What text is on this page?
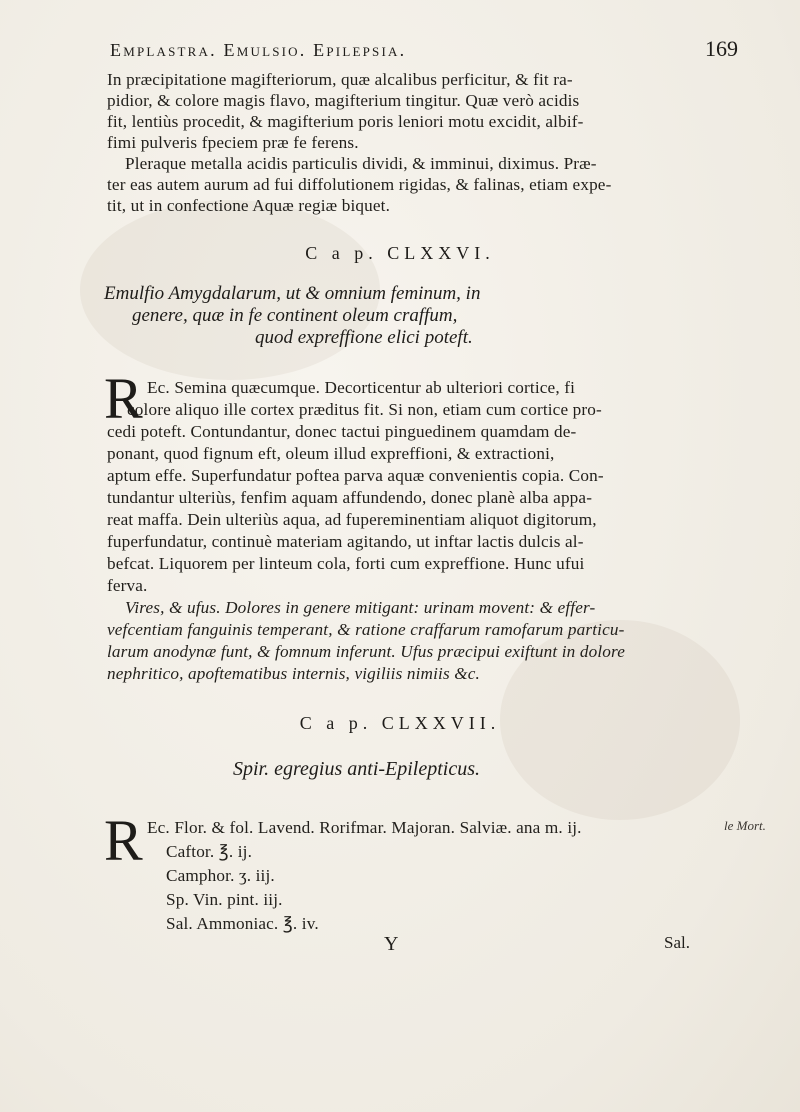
Emplastra. Emulsio. Epilepsia.	169
In præcipitatione magifteriorum, quæ alcalibus perficitur, & fit ra-
pidior, & colore magis flavo, magifterium tingitur. Quæ verò acidis
fit, lentiùs procedit, & magifterium poris leniori motu excidit, albif-
fimi pulveris fpeciem præ fe ferens.
Pleraque metalla acidis particulis dividi, & imminui, diximus. Præ-
ter eas autem aurum ad fui diffolutionem rigidas, & falinas, etiam expe-
tit, ut in confectione Aquæ regiæ biquet.
C a p. CLXXVI.
Emulfio Amygdalarum, ut & omnium feminum, in
genere, quæ in fe continent oleum craffum,
quod expreffione elici poteft.
R Ec. Semina quæcumque. Decorticentur ab ulteriori cortice, fi
colore aliquo ille cortex præditus fit. Si non, etiam cum cortice pro-
cedi poteft. Contundantur, donec tactui pinguedinem quamdam de-
ponant, quod fignum eft, oleum illud expreffioni, & extractioni,
aptum effe. Superfundatur poftea parva aquæ convenientis copia. Con-
tundantur ulteriùs, fenfim aquam affundendo, donec planè alba appa-
reat maffa. Dein ulteriùs aqua, ad fupereminentiam aliquot digitorum,
fuperfundatur, continuè materiam agitando, ut inftar lactis dulcis al-
befcat. Liquorem per linteum cola, forti cum expreffione. Hunc ufui
ferva.
Vires, & ufus. Dolores in genere mitigant: urinam movent: & effer-
vefcentiam fanguinis temperant, & ratione craffarum ramofarum particu-
larum anodynæ funt, & fomnum inferunt. Ufus præcipui exiftunt in dolore
nephritico, apoftematibus internis, vigiliis nimiis &c.
C a p. CLXXVII.
Spir. egregius anti-Epilepticus.
R Ec. Flor. & fol. Lavend. Rorifmar. Majoran. Salviæ. ana m. ij.
Caftor. ℥. ij.
Camphor. ʒ. iij.
Sp. Vin. pint. iij.
Sal. Ammoniac. ℥. iv.
le Mort.
Y	Sal.
